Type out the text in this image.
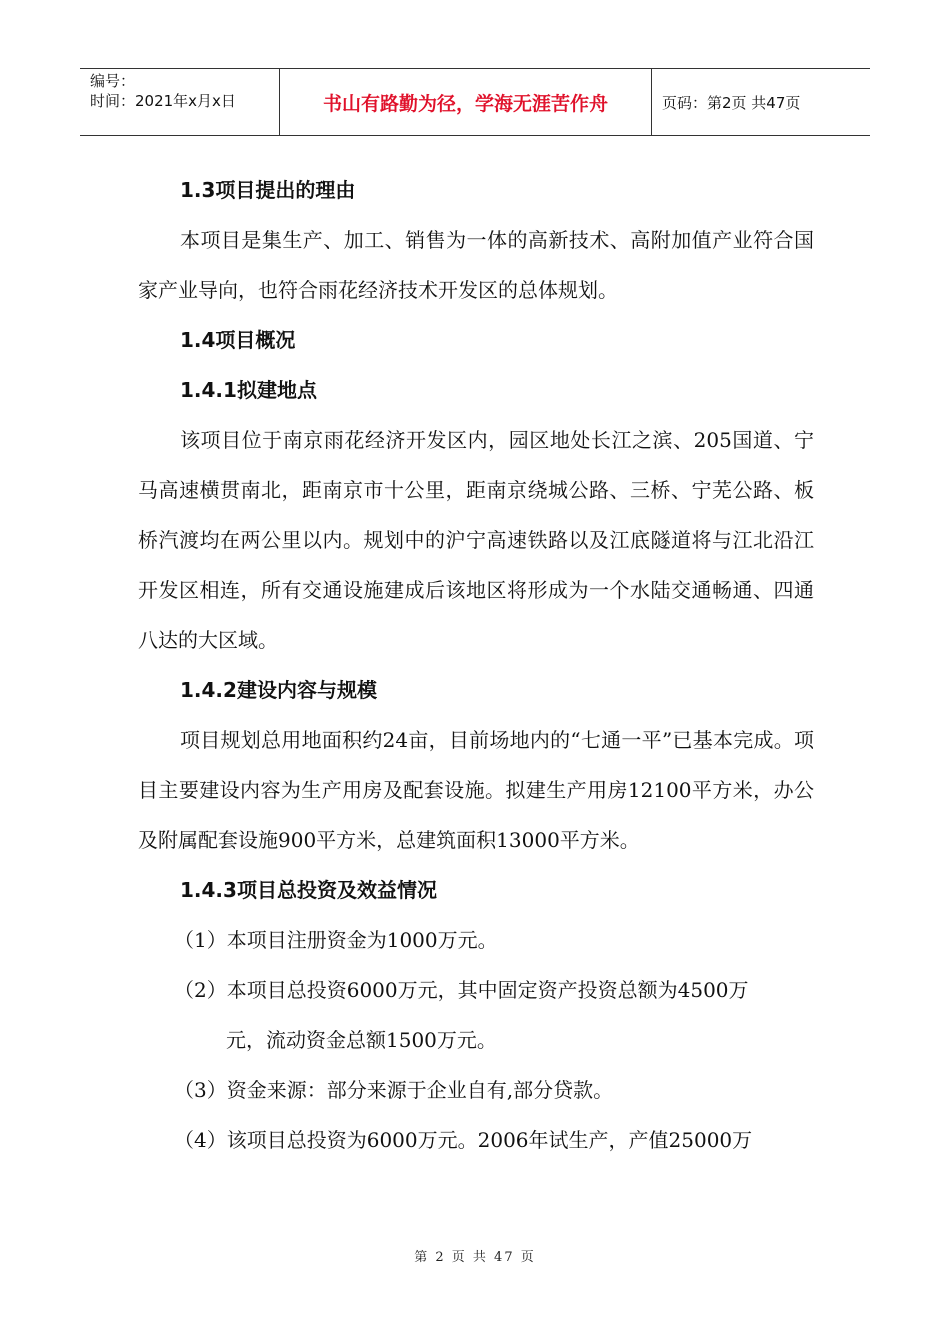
编号：
时间：2021年x月x日	书山有路勤为径，学海无涯苦作舟	页码：第2页 共47页

1.3项目提出的理由

本项目是集生产、加工、销售为一体的高新技术、高附加值产业符合国家产业导向，也符合雨花经济技术开发区的总体规划。

1.4项目概况

1.4.1拟建地点

该项目位于南京雨花经济开发区内，园区地处长江之滨、205国道、宁马高速横贯南北，距南京市十公里，距南京绕城公路、三桥、宁芜公路、板桥汽渡均在两公里以内。规划中的沪宁高速铁路以及江底隧道将与江北沿江开发区相连，所有交通设施建成后该地区将形成为一个水陆交通畅通、四通八达的大区域。

1.4.2建设内容与规模

项目规划总用地面积约24亩，目前场地内的“七通一平”已基本完成。项目主要建设内容为生产用房及配套设施。拟建生产用房12100平方米，办公及附属配套设施900平方米，总建筑面积13000平方米。

1.4.3项目总投资及效益情况

（1）本项目注册资金为1000万元。

（2）本项目总投资6000万元，其中固定资产投资总额为4500万

元，流动资金总额1500万元。

（3）资金来源：部分来源于企业自有,部分贷款。

（4）该项目总投资为6000万元。2006年试生产，产值25000万

第 2 页 共 47 页
